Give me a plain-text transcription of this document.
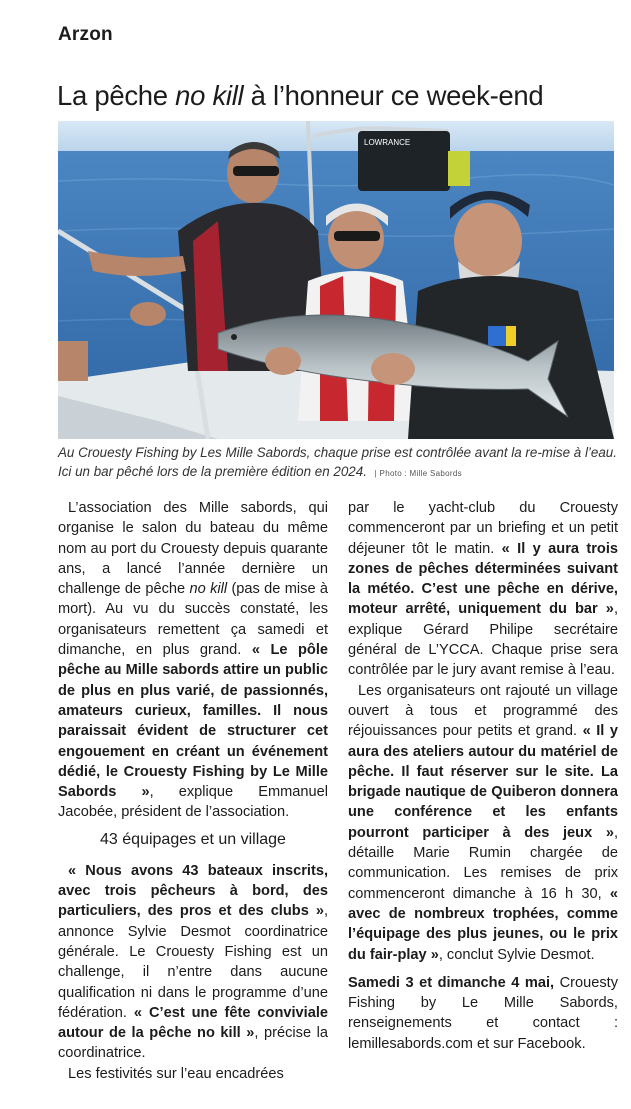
Arzon
La pêche no kill à l’honneur ce week-end
LOWRANCE
Au Crouesty Fishing by Les Mille Sabords, chaque prise est contrôlée avant la re-mise à l’eau. Ici un bar pêché lors de la première édition en 2024. | Photo : Mille Sabords

L’association des Mille sabords, qui organise le salon du bateau du même nom au port du Crouesty depuis quarante ans, a lancé l’année dernière un challenge de pêche no kill (pas de mise à mort). Au vu du succès constaté, les organisateurs remettent ça samedi et dimanche, en plus grand. « Le pôle pêche au Mille sabords attire un public de plus en plus varié, de passionnés, amateurs curieux, familles. Il nous paraissait évident de structurer cet engouement en créant un événement dédié, le Crouesty Fishing by Le Mille Sabords », explique Emmanuel Jacobée, président de l’association.

43 équipages et un village

« Nous avons 43 bateaux inscrits, avec trois pêcheurs à bord, des particuliers, des pros et des clubs », annonce Sylvie Desmot coordinatrice générale. Le Crouesty Fishing est un challenge, il n’entre dans aucune qualification ni dans le programme d’une fédération. « C’est une fête conviviale autour de la pêche no kill », précise la coordinatrice.

Les festivités sur l’eau encadrées

par le yacht-club du Crouesty commenceront par un briefing et un petit déjeuner tôt le matin. « Il y aura trois zones de pêches déterminées suivant la météo. C’est une pêche en dérive, moteur arrêté, uniquement du bar », explique Gérard Philipe secrétaire général de L’YCCA. Chaque prise sera contrôlée par le jury avant remise à l’eau.

Les organisateurs ont rajouté un village ouvert à tous et programmé des réjouissances pour petits et grand. « Il y aura des ateliers autour du matériel de pêche. Il faut réserver sur le site. La brigade nautique de Quiberon donnera une conférence et les enfants pourront participer à des jeux », détaille Marie Rumin chargée de communication. Les remises de prix commenceront dimanche à 16 h 30, « avec de nombreux trophées, comme l’équipage des plus jeunes, ou le prix du fair-play », conclut Sylvie Desmot.

Samedi 3 et dimanche 4 mai, Crouesty Fishing by Le Mille Sabords, renseignements et contact : lemillesabords.com et sur Facebook.
